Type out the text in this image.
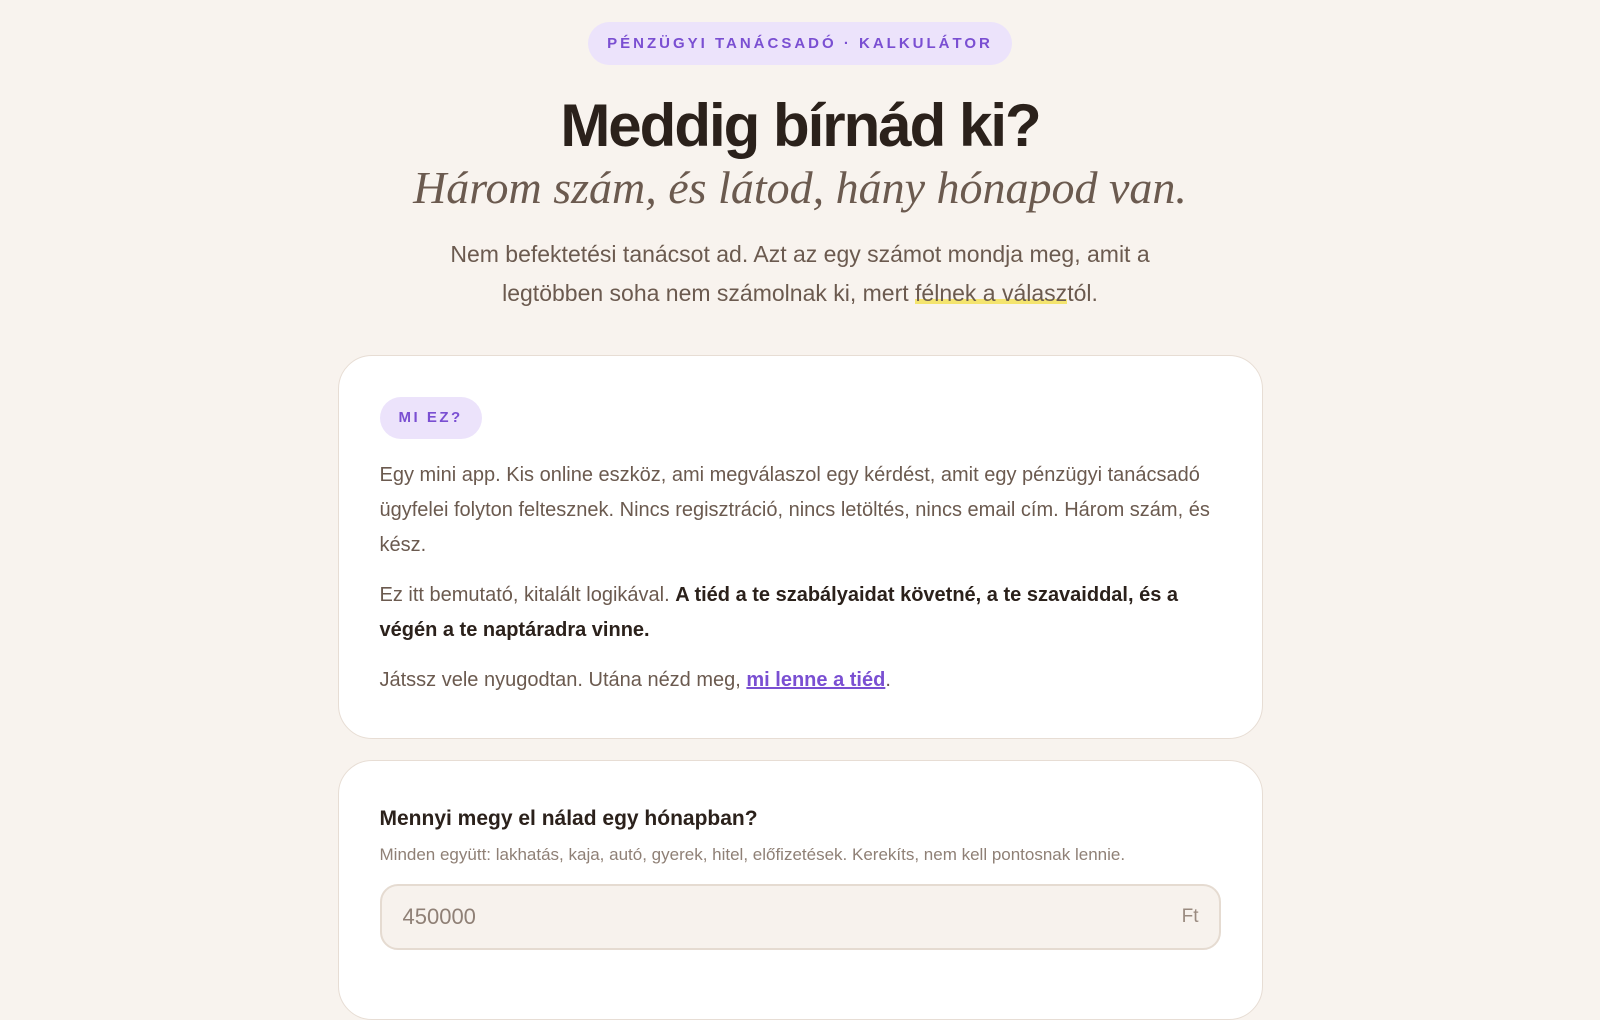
PÉNZÜGYI TANÁCSADÓ · KALKULÁTOR
Meddig bírnád ki?
Három szám, és látod, hány hónapod van.

Nem befektetési tanácsot ad. Azt az egy számot mondja meg, amit a legtöbben soha nem számolnak ki, mert félnek a választól.

MI EZ?

Egy mini app. Kis online eszköz, ami megválaszol egy kérdést, amit egy pénzügyi tanácsadó ügyfelei folyton feltesznek. Nincs regisztráció, nincs letöltés, nincs email cím. Három szám, és kész.

Ez itt bemutató, kitalált logikával. A tiéd a te szabályaidat követné, a te szavaiddal, és a végén a te naptáradra vinne.

Játssz vele nyugodtan. Utána nézd meg, mi lenne a tiéd.

Mennyi megy el nálad egy hónapban?
Minden együtt: lakhatás, kaja, autó, gyerek, hitel, előfizetések. Kerekíts, nem kell pontosnak lennie.
450000
Ft
